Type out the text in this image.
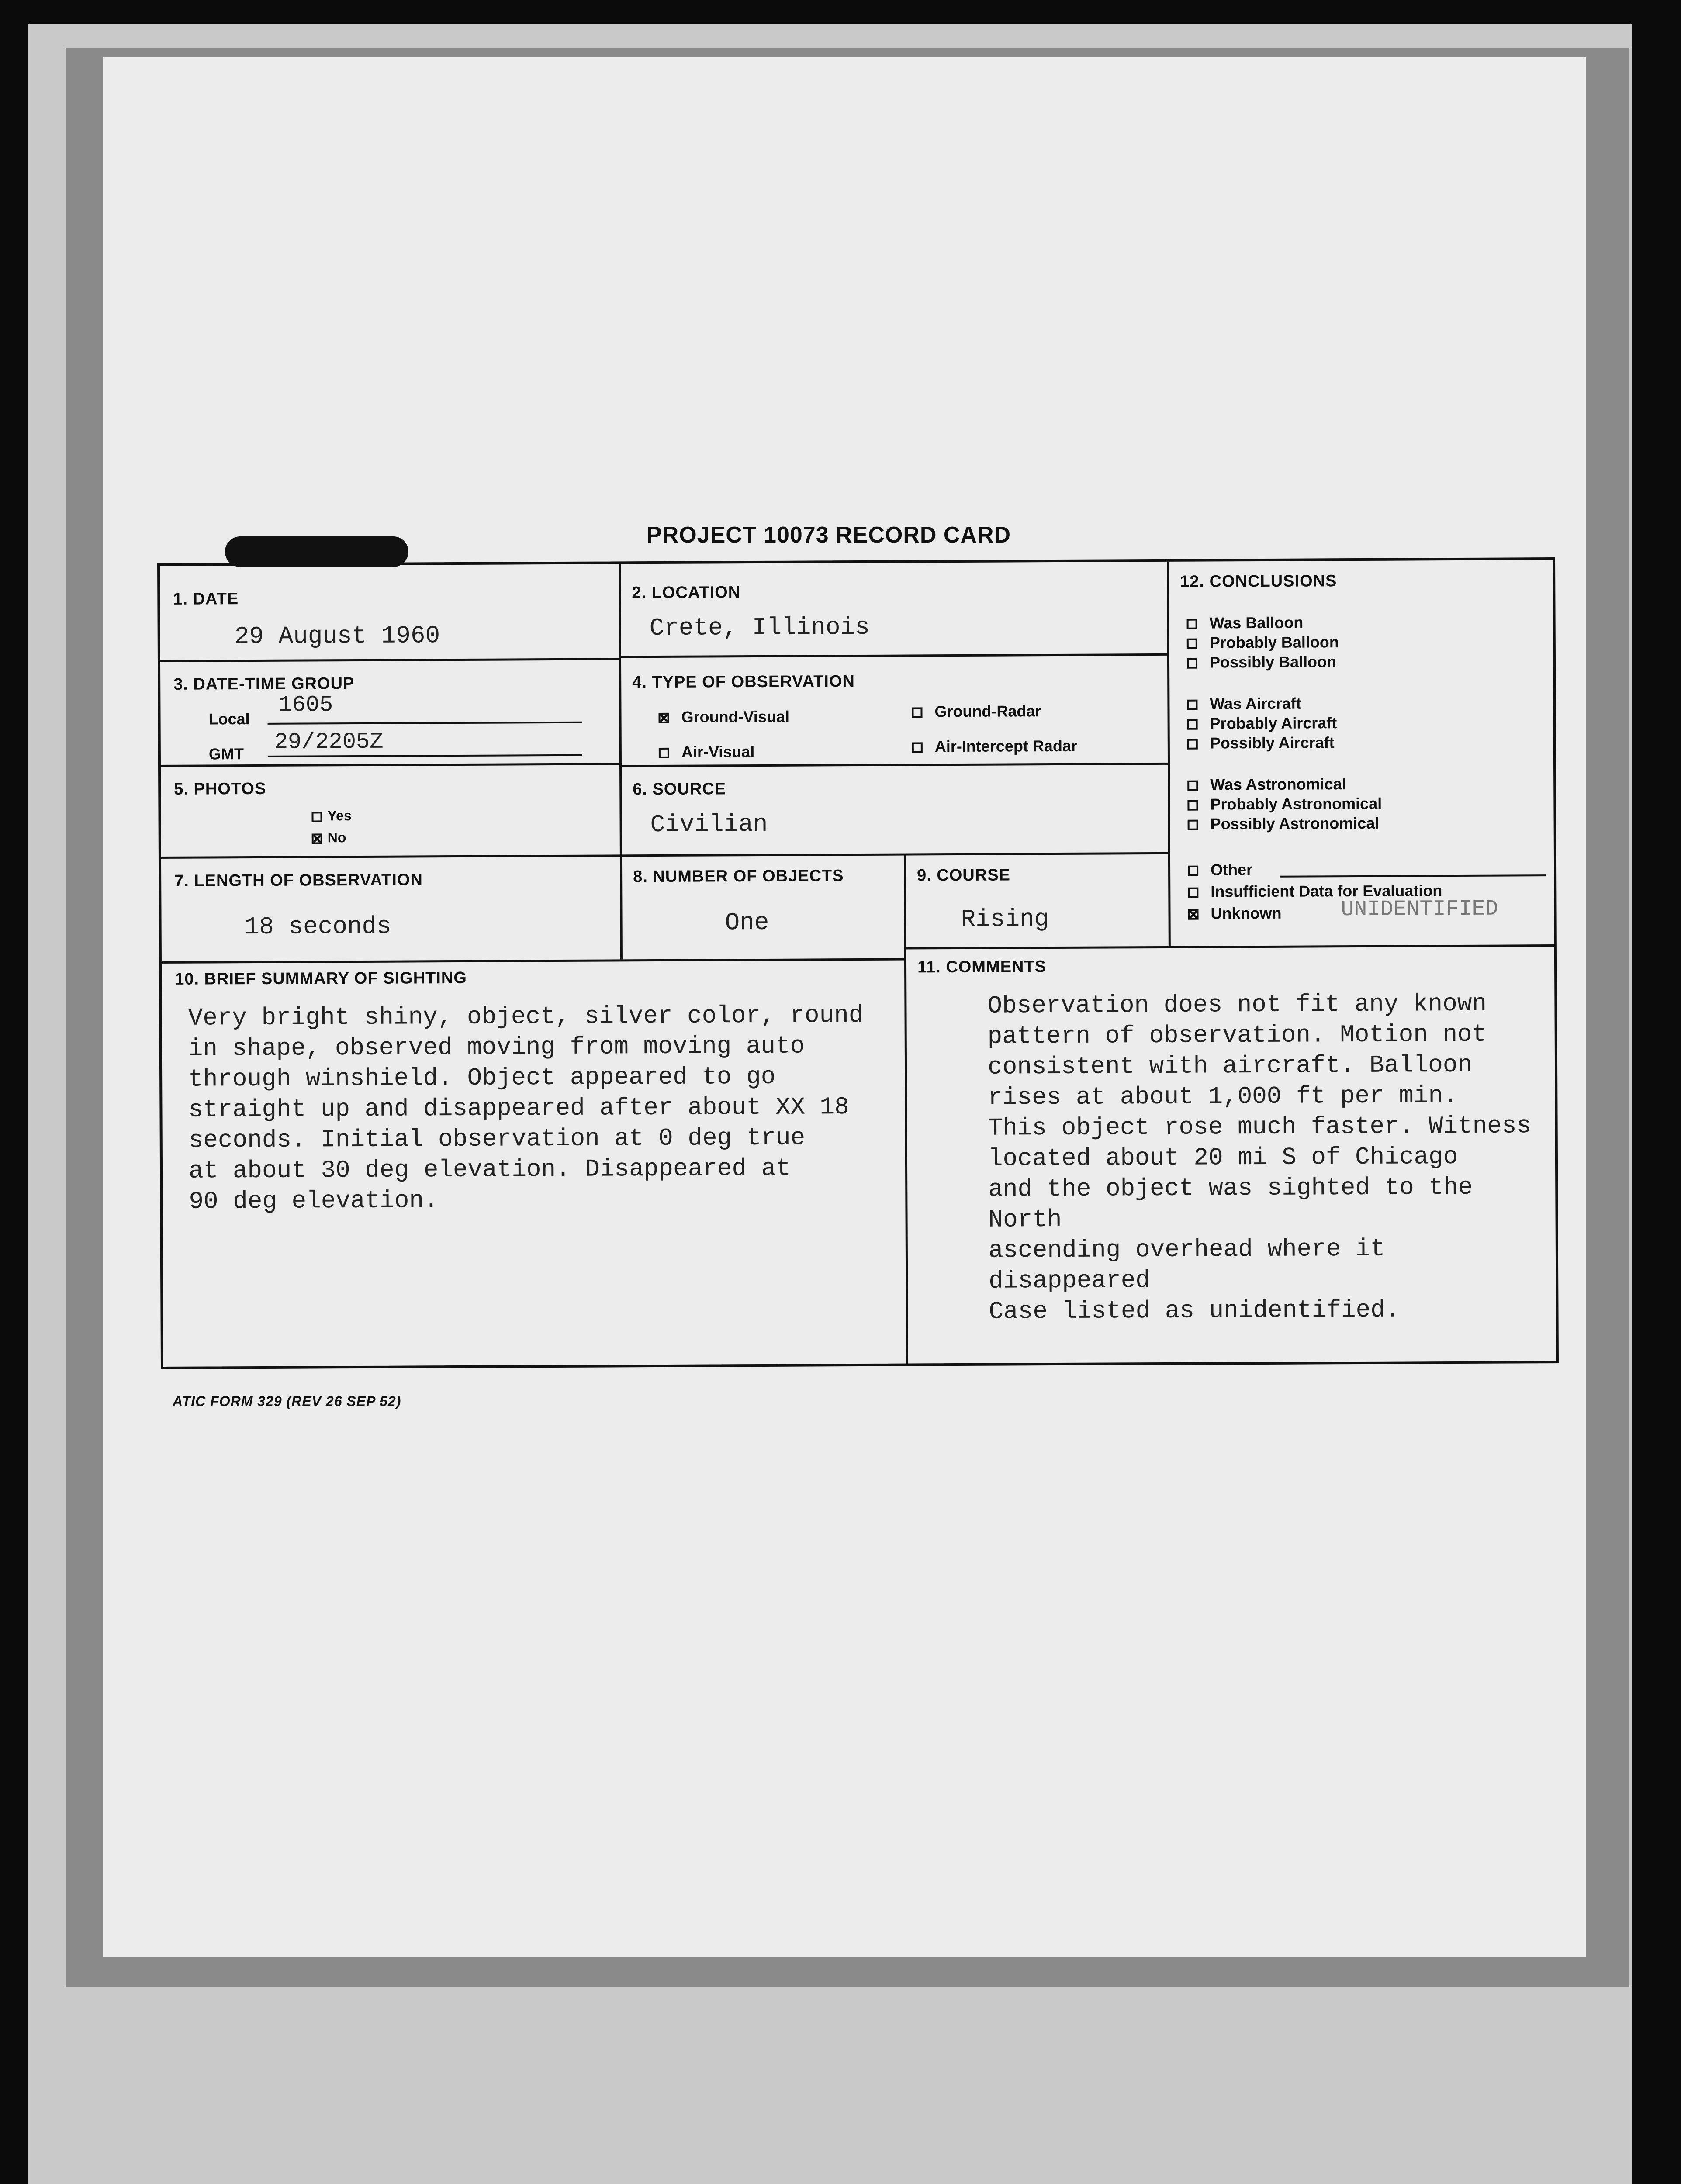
PROJECT 10073 RECORD CARD
1. DATE
29 August 1960
2. LOCATION
Crete, Illinois
3. DATE-TIME GROUP
Local
1605
GMT 29/2205Z
4. TYPE OF OBSERVATION
Ground-Visual	Ground-Radar
Air-Visual	Air-Intercept Radar
5. PHOTOS
Yes
No
6. SOURCE
Civilian
7. LENGTH OF OBSERVATION
18 seconds
8. NUMBER OF OBJECTS
One
9. COURSE
Rising
10. BRIEF SUMMARY OF SIGHTING
Very bright shiny, object, silver color, round
in shape, observed moving from moving auto
through winshield. Object appeared to go
straight up and disappeared after about XX 18
seconds. Initial observation at 0 deg true
at about 30 deg elevation. Disappeared at
90 deg elevation.
11. COMMENTS
Observation does not fit any known
pattern of observation. Motion not
consistent with aircraft. Balloon
rises at about 1,000 ft per min.
This object rose much faster. Witness
located about 20 mi S of Chicago
and the object was sighted to the North
ascending overhead where it disappeared
Case listed as unidentified.
12. CONCLUSIONS
Was Balloon
Probably Balloon
Possibly Balloon
Was Aircraft
Probably Aircraft
Possibly Aircraft
Was Astronomical
Probably Astronomical
Possibly Astronomical
Other
Insufficient Data for Evaluation
Unknown	UNIDENTIFIED
ATIC FORM 329 (REV 26 SEP 52)
